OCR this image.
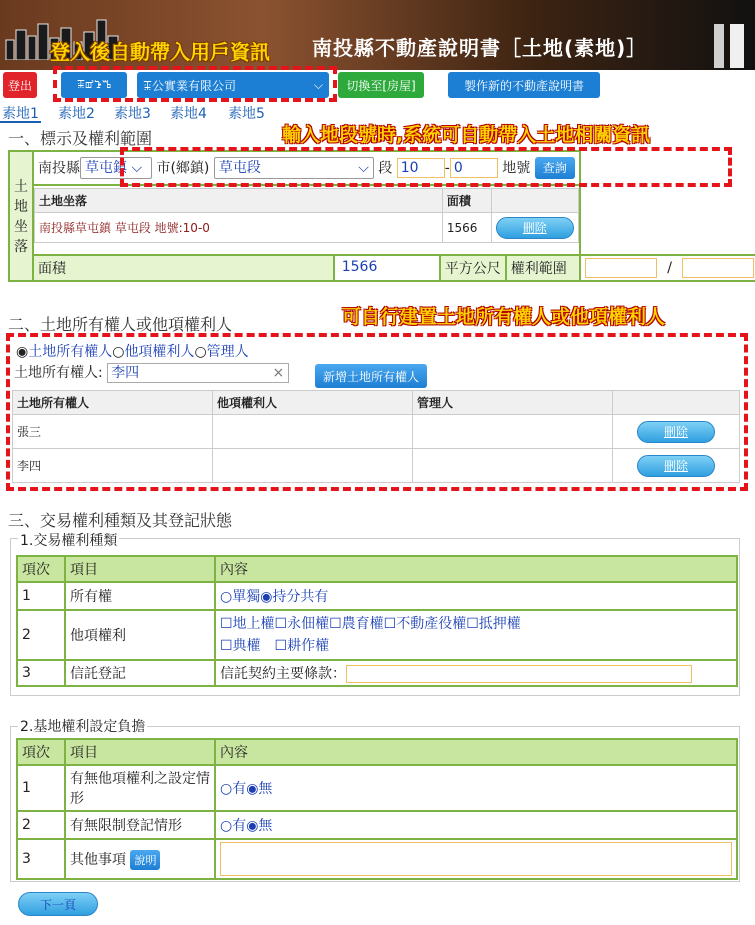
南投縣不動產說明書［土地(素地)］
登入後自動帶入用戶資訊
登出	ꔯꕠꕲꕰ	ꔯ公實業有限公司	⌵	切換至[房屋]	製作新的不動產說明書
素地1 素地2 素地3 素地4 素地5
一、標示及權利範圍	輸入地段號時,系統可自動帶入土地相關資訊
土地坐落	南投縣 草屯鎮 ⌵ 市(鄉鎮) 草屯段	⌵ 段 10 - 0	地號 查詢

土地坐落	面積	
南投縣草屯鎮 草屯段 地號:10-0	1566	刪除

面積	1566	平方公尺	權利範圍	/
二、土地所有權人或他項權利人	可自行建置土地所有權人或他項權利人
◉土地所有權人○他項權利人○管理人
土地所有權人: 李四	×	新增土地所有權人
土地所有權人	他項權利人	管理人	
張三			刪除
李四			刪除
三、交易權利種類及其登記狀態
1.交易權利種類
項次	項目	內容
1	所有權	○單獨◉持分共有
2	他項權利	☐地上權☐永佃權☐農育權☐不動產役權☐抵押權
☐典權　☐耕作權

3	信託登記	信託契約主要條款：
2.基地權利設定負擔
項次	項目	內容
1	有無他項權利之設定情形	○有◉無
2	有無限制登記情形	○有◉無
3	其他事項 說明	
下一頁
